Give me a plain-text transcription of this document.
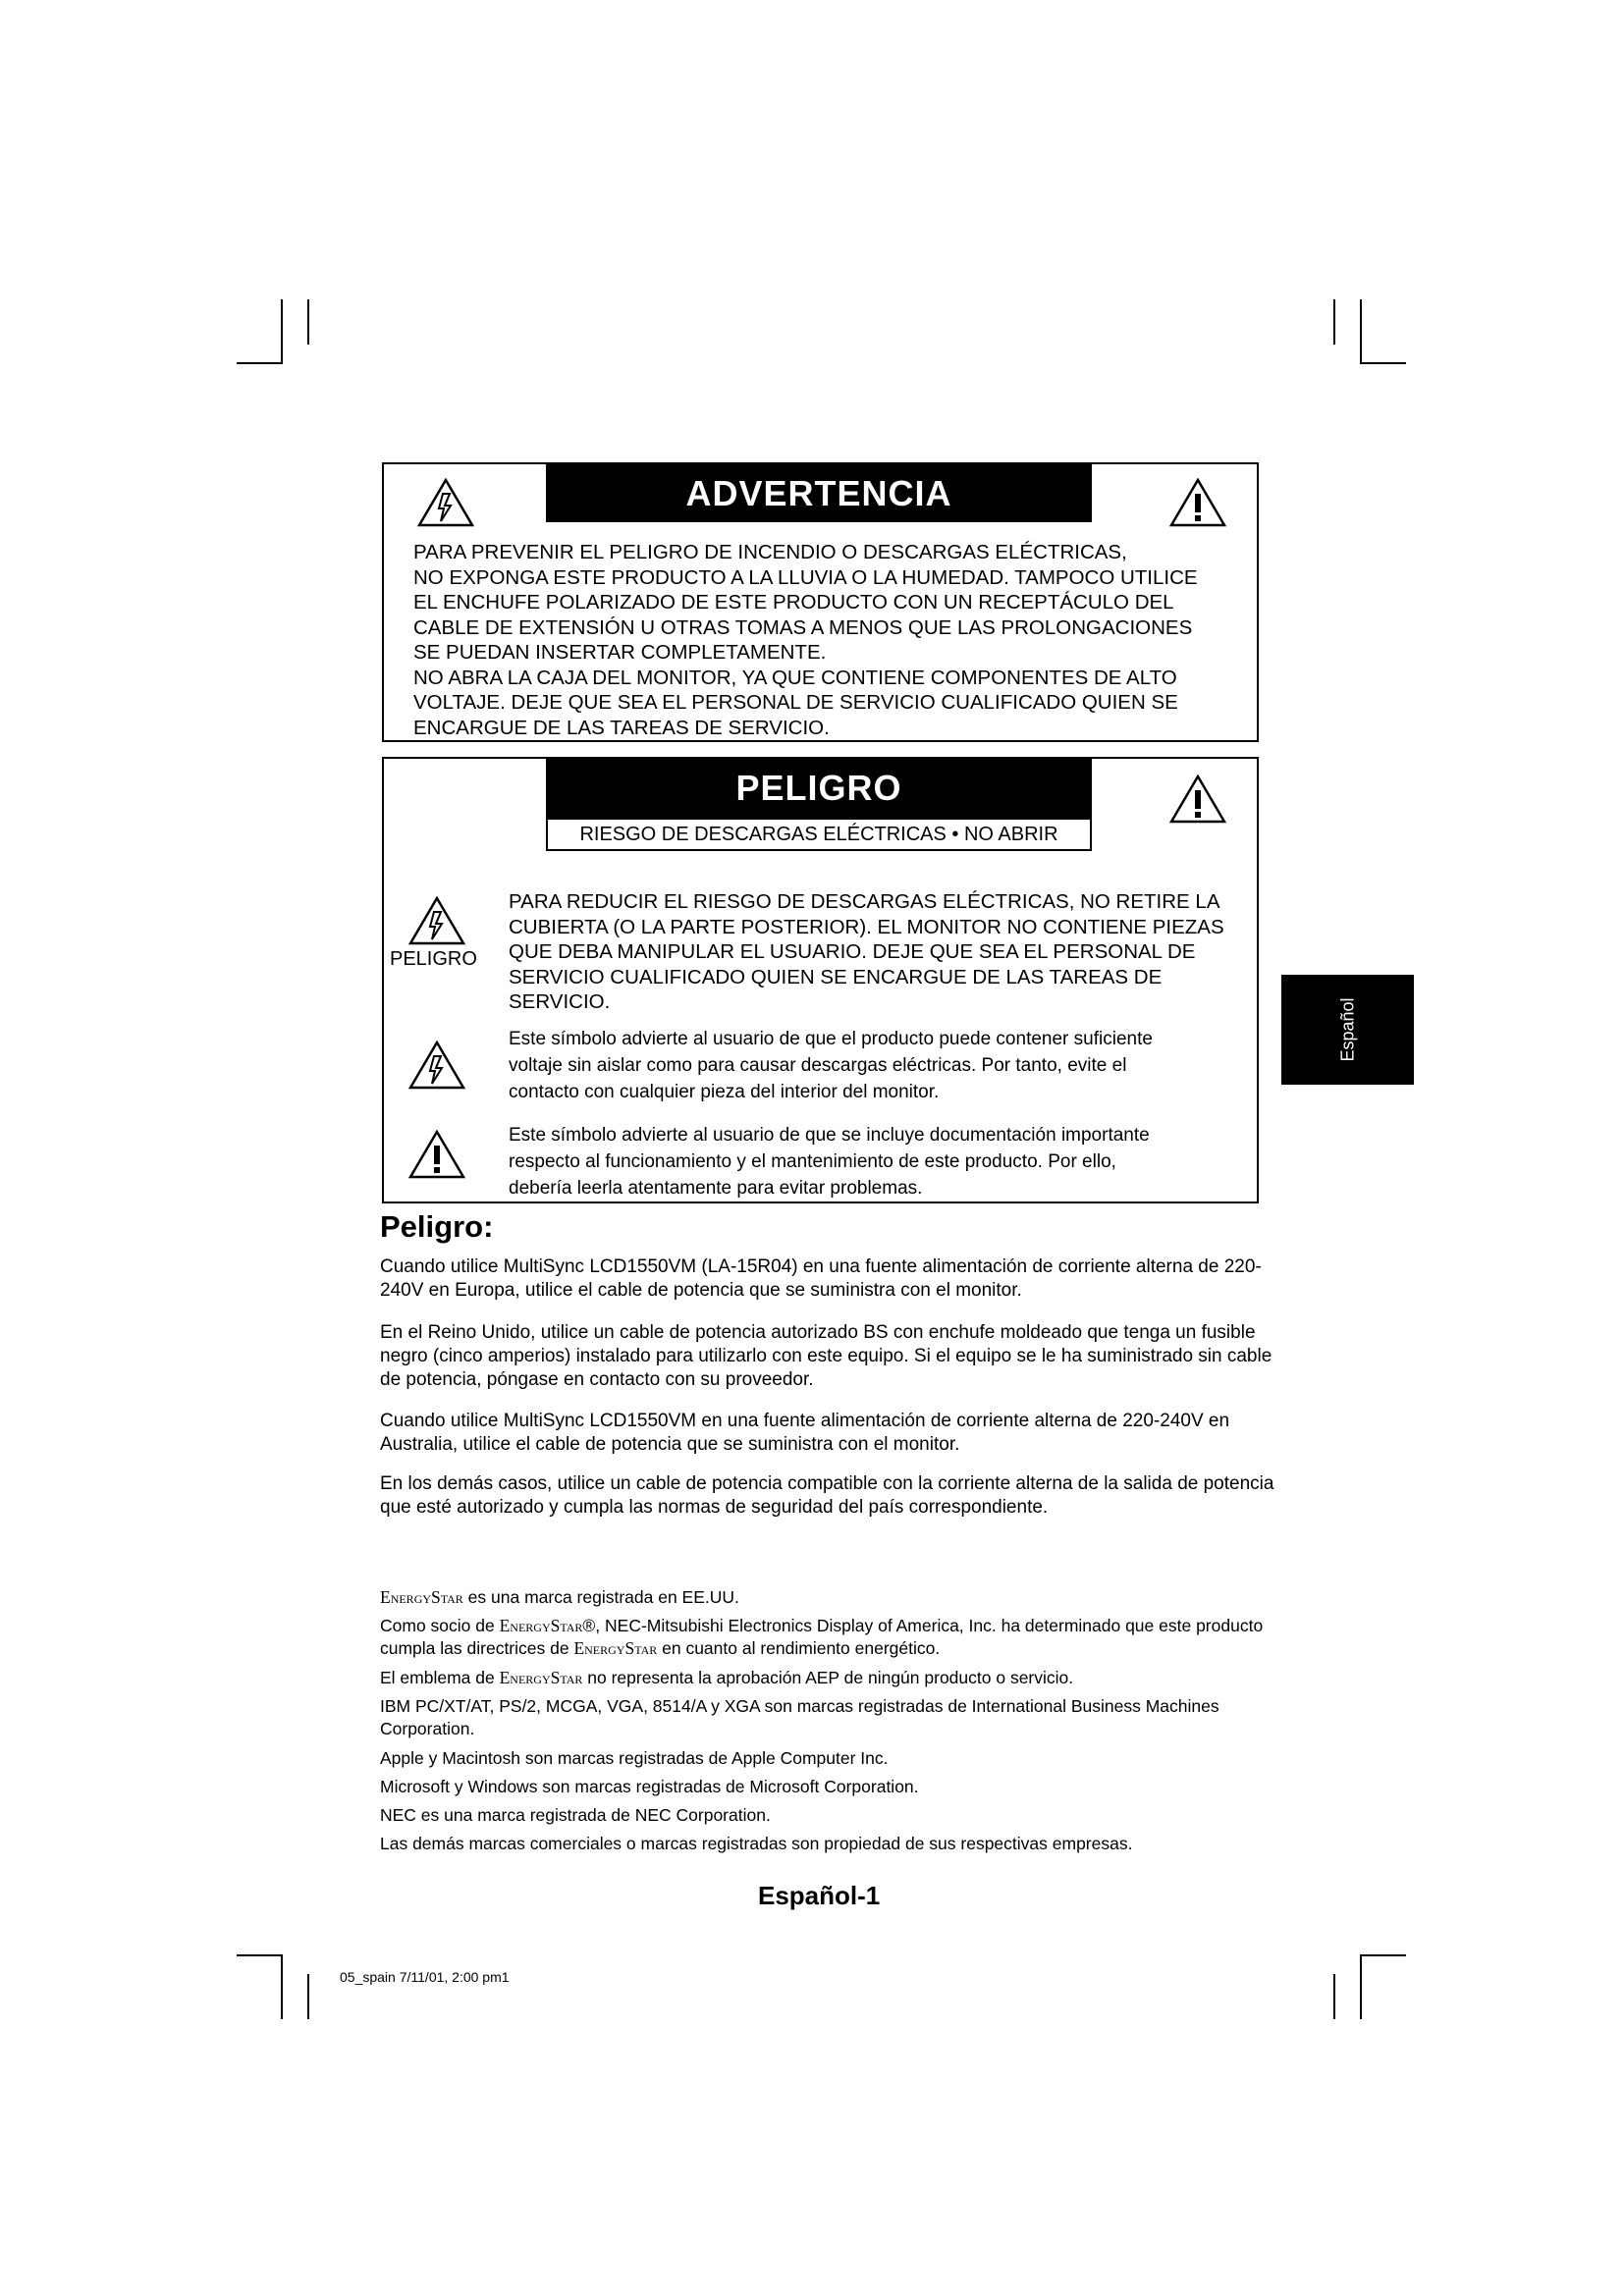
ADVERTENCIA
PARA PREVENIR EL PELIGRO DE INCENDIO O DESCARGAS ELÉCTRICAS,
NO EXPONGA ESTE PRODUCTO A LA LLUVIA O LA HUMEDAD. TAMPOCO UTILICE
EL ENCHUFE POLARIZADO DE ESTE PRODUCTO CON UN RECEPTÁCULO DEL
CABLE DE EXTENSIÓN U OTRAS TOMAS A MENOS QUE LAS PROLONGACIONES
SE PUEDAN INSERTAR COMPLETAMENTE.
NO ABRA LA CAJA DEL MONITOR, YA QUE CONTIENE COMPONENTES DE ALTO
VOLTAJE. DEJE QUE SEA EL PERSONAL DE SERVICIO CUALIFICADO QUIEN SE
ENCARGUE DE LAS TAREAS DE SERVICIO.
PELIGRO
RIESGO DE DESCARGAS ELÉCTRICAS • NO ABRIR
PELIGRO
PARA REDUCIR EL RIESGO DE DESCARGAS ELÉCTRICAS, NO RETIRE LA
CUBIERTA (O LA PARTE POSTERIOR). EL MONITOR NO CONTIENE PIEZAS
QUE DEBA MANIPULAR EL USUARIO. DEJE QUE SEA EL PERSONAL DE
SERVICIO CUALIFICADO QUIEN SE ENCARGUE DE LAS TAREAS DE
SERVICIO.
Este símbolo advierte al usuario de que el producto puede contener suficiente
voltaje sin aislar como para causar descargas eléctricas. Por tanto, evite el
contacto con cualquier pieza del interior del monitor.
Este símbolo advierte al usuario de que se incluye documentación importante
respecto al funcionamiento y el mantenimiento de este producto. Por ello,
debería leerla atentamente para evitar problemas.
Español
Peligro:
Cuando utilice MultiSync LCD1550VM (LA-15R04) en una fuente alimentación de corriente alterna de 220-240V en Europa, utilice el cable de potencia que se suministra con el monitor.
En el Reino Unido, utilice un cable de potencia autorizado BS con enchufe moldeado que tenga un fusible negro (cinco amperios) instalado para utilizarlo con este equipo. Si el equipo se le ha suministrado sin cable de potencia, póngase en contacto con su proveedor.
Cuando utilice MultiSync LCD1550VM en una fuente alimentación de corriente alterna de 220-240V en Australia, utilice el cable de potencia que se suministra con el monitor.
En los demás casos, utilice un cable de potencia compatible con la corriente alterna de la salida de potencia que esté autorizado y cumpla las normas de seguridad del país correspondiente.
EnergyStar es una marca registrada en EE.UU.
Como socio de EnergyStar®, NEC-Mitsubishi Electronics Display of America, Inc. ha determinado que este producto cumpla las directrices de EnergyStar en cuanto al rendimiento energético.
El emblema de EnergyStar no representa la aprobación AEP de ningún producto o servicio.
IBM PC/XT/AT, PS/2, MCGA, VGA, 8514/A y XGA son marcas registradas de International Business Machines Corporation.
Apple y Macintosh son marcas registradas de Apple Computer Inc.
Microsoft y Windows son marcas registradas de Microsoft Corporation.
NEC es una marca registrada de NEC Corporation.
Las demás marcas comerciales o marcas registradas son propiedad de sus respectivas empresas.
Español-1
05_spain 7/11/01, 2:00 pm1
